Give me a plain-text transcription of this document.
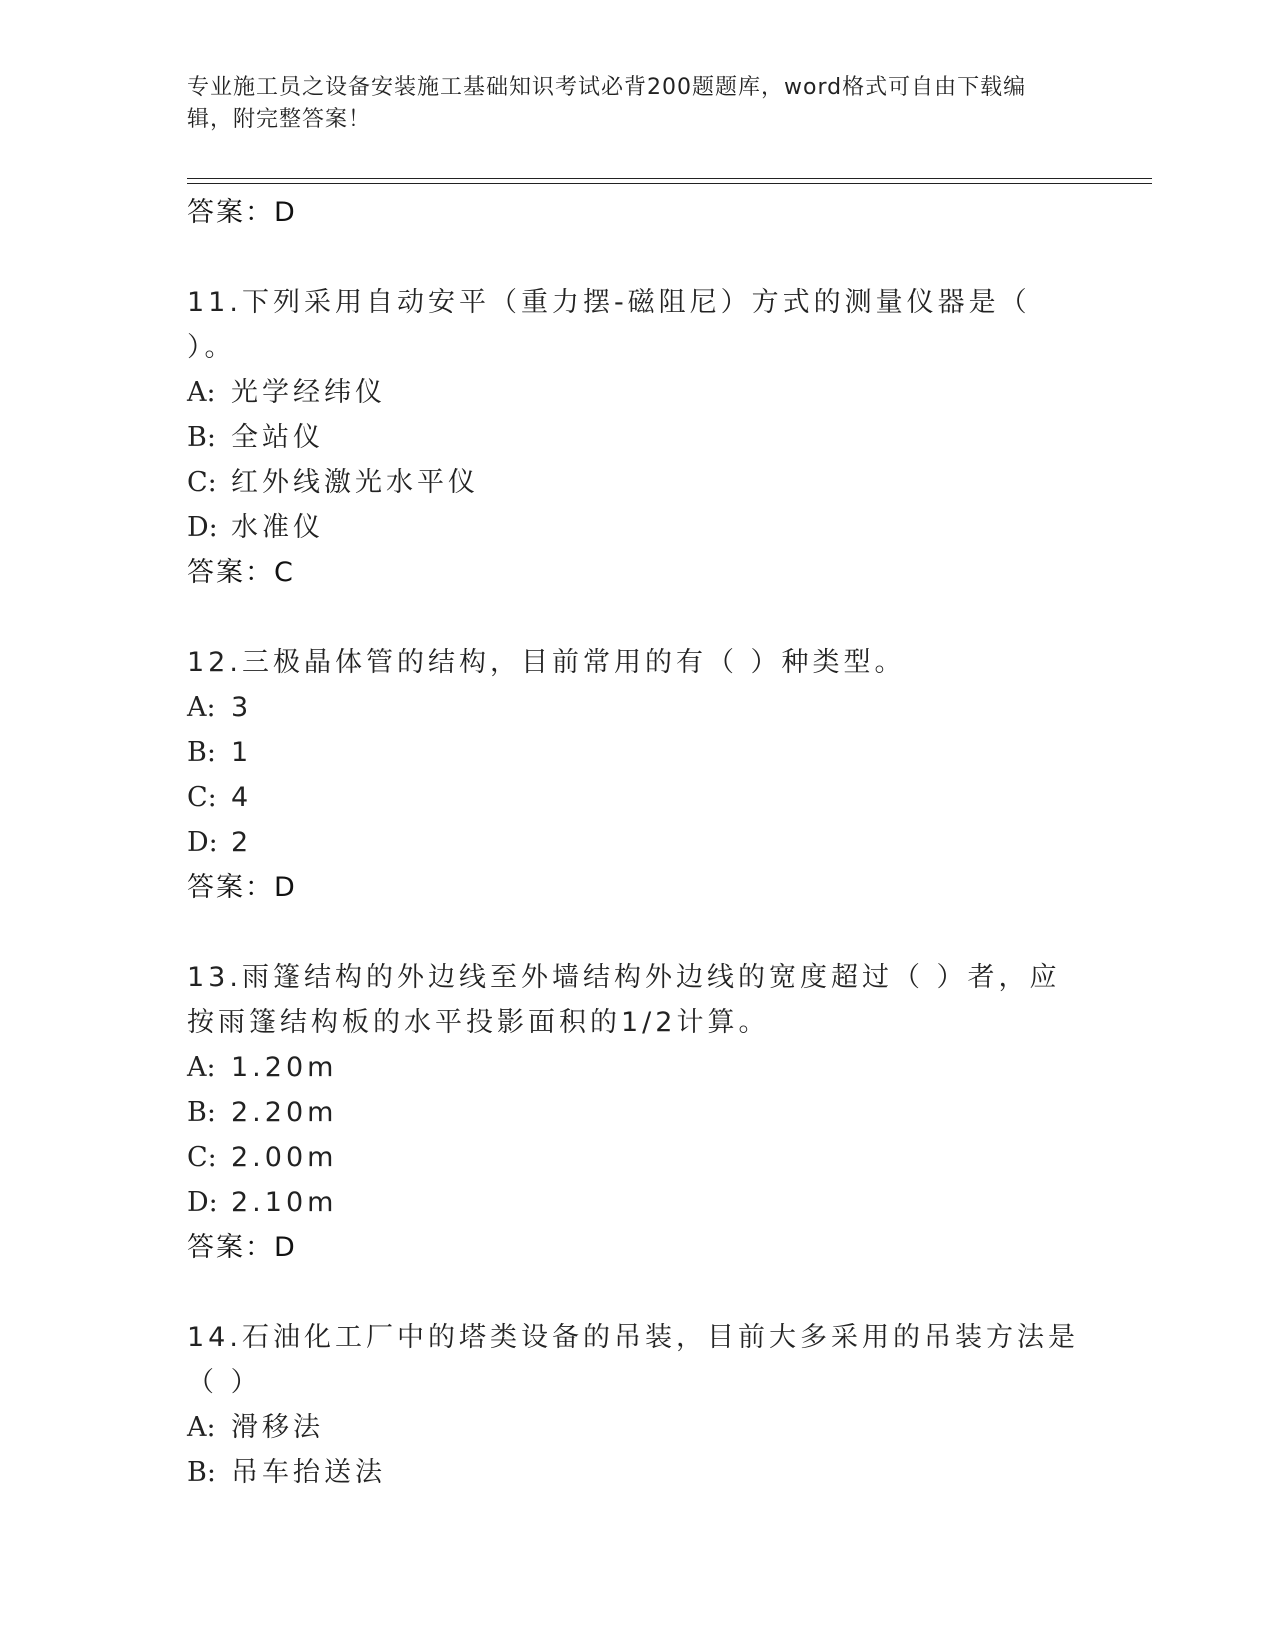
专业施工员之设备安装施工基础知识考试必背200题题库，word格式可自由下载编辑，附完整答案！
答案：D
11.下列采用自动安平（重力摆-磁阻尼）方式的测量仪器是（ ）。
A: 光学经纬仪
B: 全站仪
C: 红外线激光水平仪
D: 水准仪
答案：C
12.三极晶体管的结构，目前常用的有（ ）种类型。
A: 3
B: 1
C: 4
D: 2
答案：D
13.雨篷结构的外边线至外墙结构外边线的宽度超过（ ）者，应按雨篷结构板的水平投影面积的1/2计算。
A: 1.20m
B: 2.20m
C: 2.00m
D: 2.10m
答案：D
14.石油化工厂中的塔类设备的吊装，目前大多采用的吊装方法是（ ）
A: 滑移法
B: 吊车抬送法
